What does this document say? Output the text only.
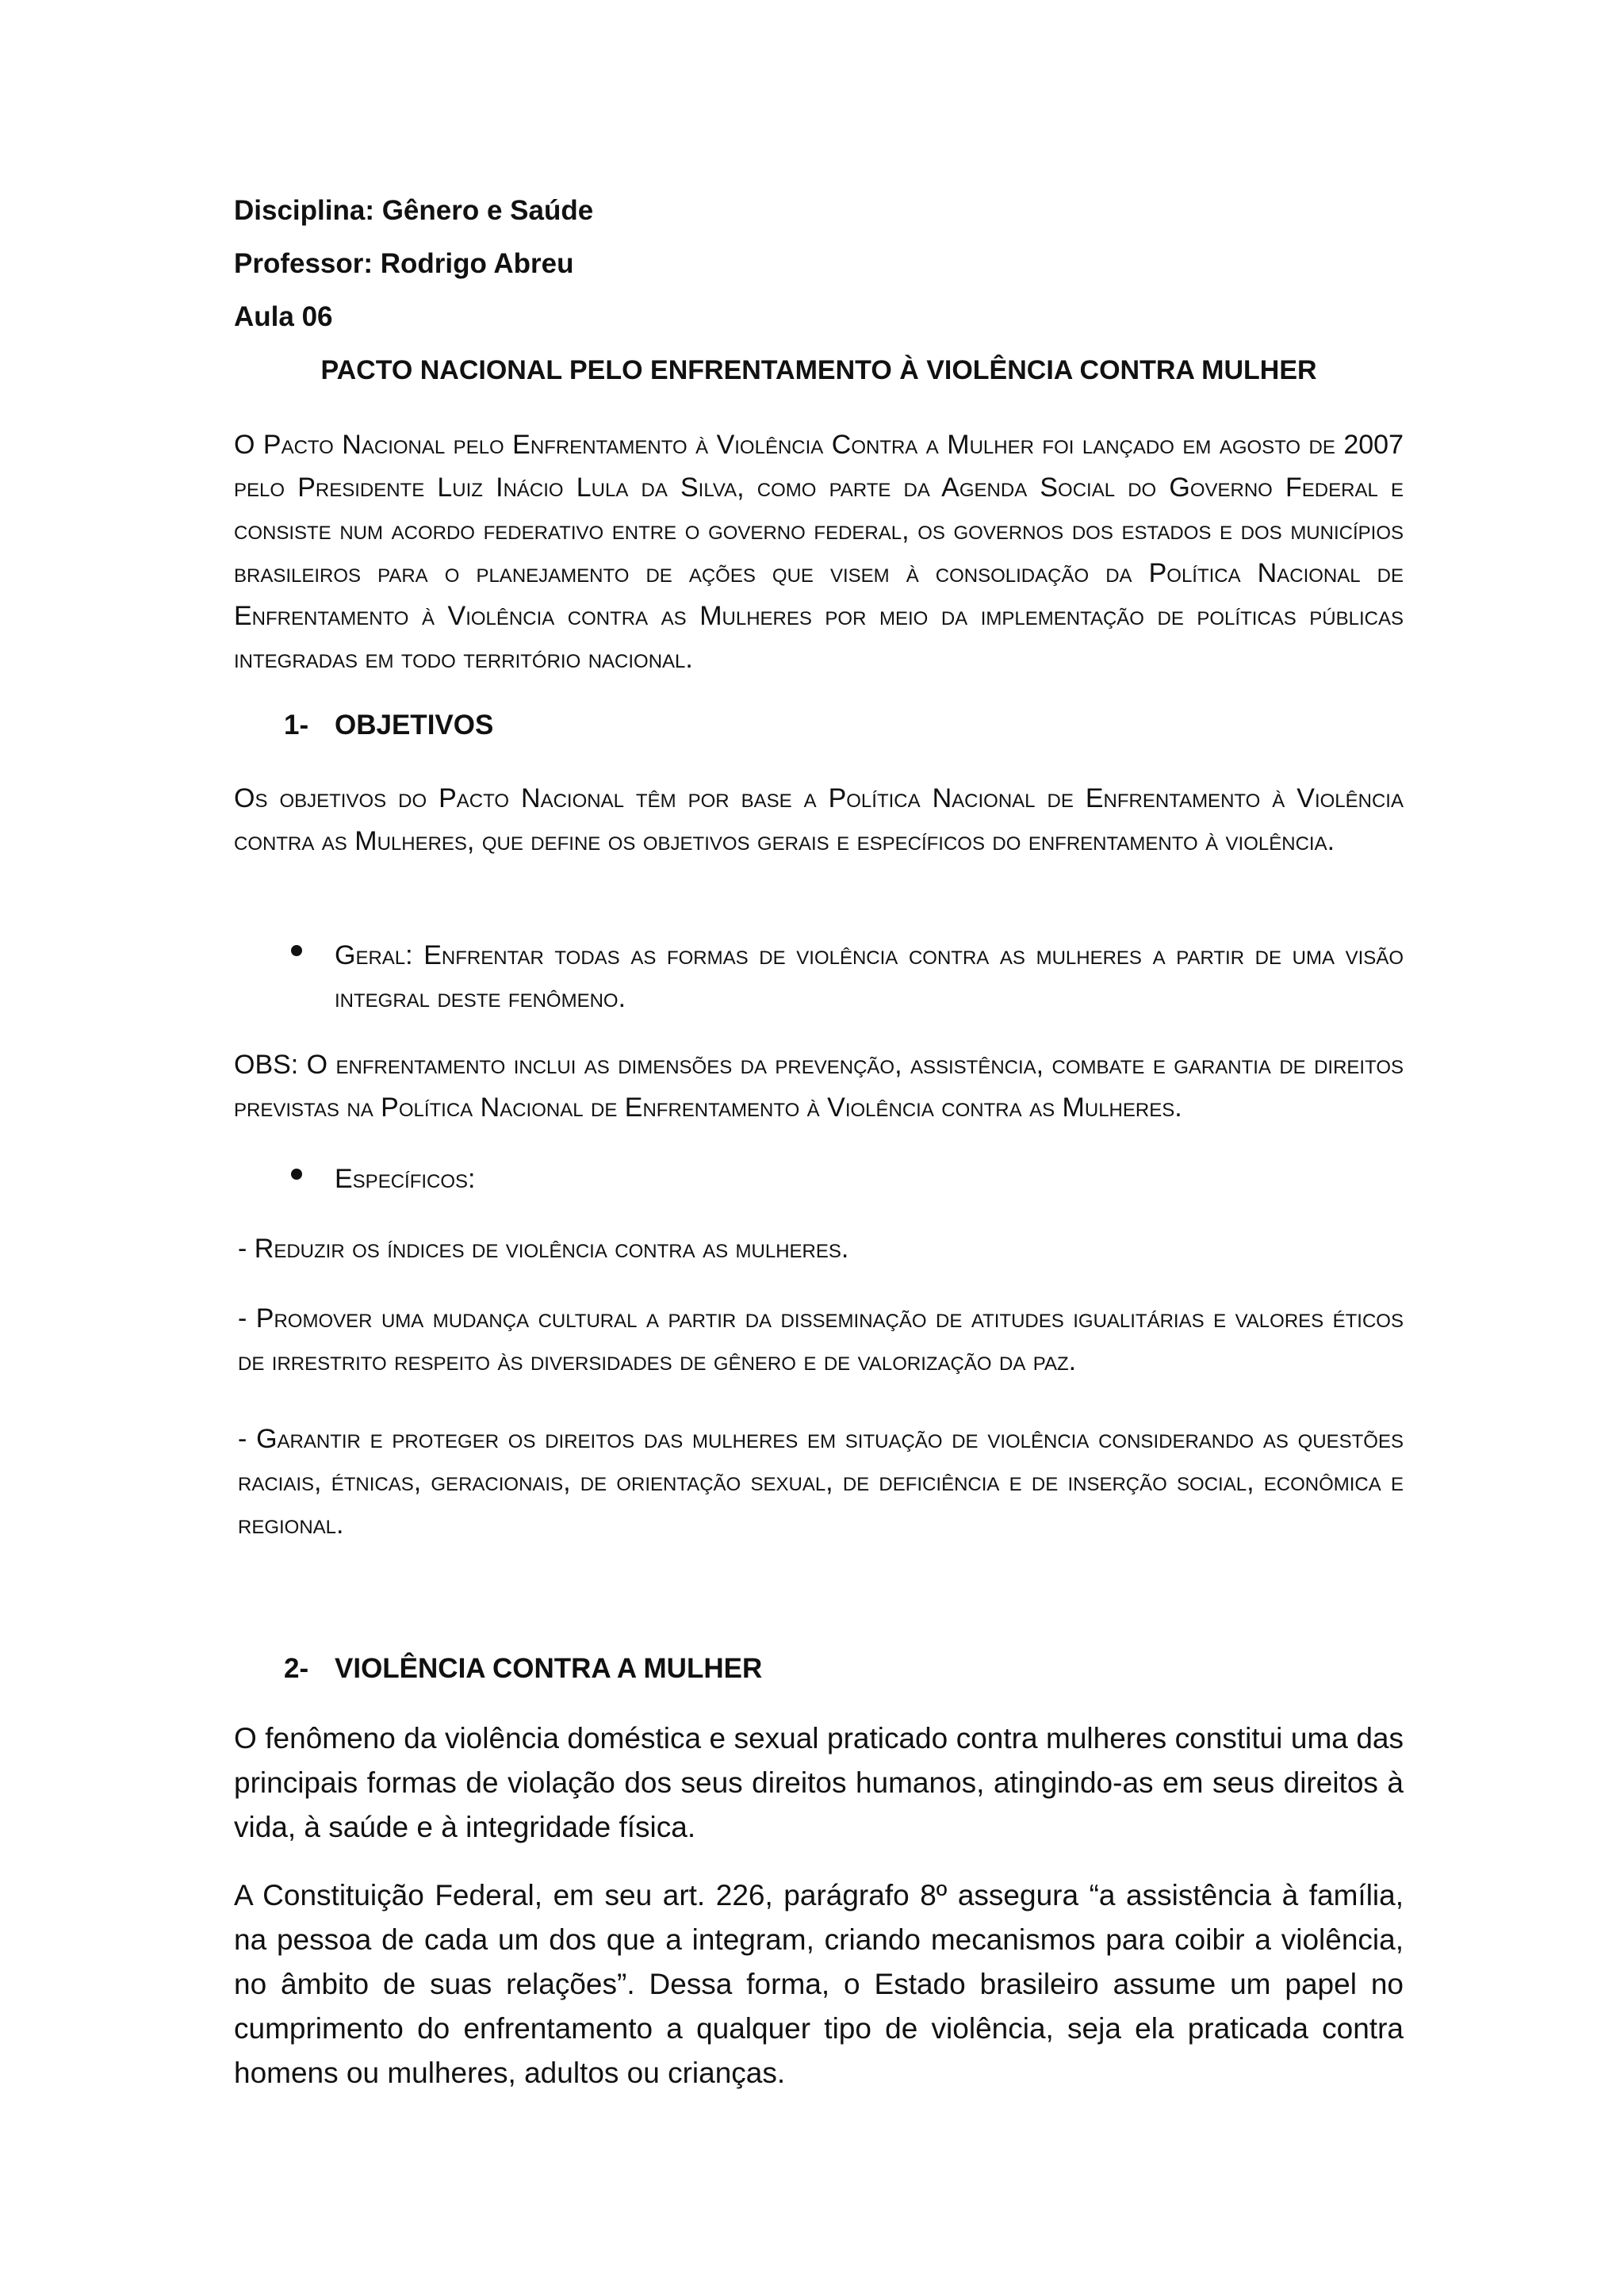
Disciplina: Gênero e Saúde
Professor: Rodrigo Abreu
Aula 06
PACTO NACIONAL PELO ENFRENTAMENTO À VIOLÊNCIA CONTRA MULHER

O Pacto Nacional pelo Enfrentamento à Violência Contra a Mulher foi lançado em agosto de 2007 pelo Presidente Luiz Inácio Lula da Silva, como parte da Agenda Social do Governo Federal e consiste num acordo federativo entre o governo federal, os governos dos estados e dos municípios brasileiros para o planejamento de ações que visem à consolidação da Política Nacional de Enfrentamento à Violência contra as Mulheres por meio da implementação de políticas públicas integradas em todo território nacional.

1- OBJETIVOS

Os objetivos do Pacto Nacional têm por base a Política Nacional de Enfrentamento à Violência contra as Mulheres, que define os objetivos gerais e específicos do enfrentamento à violência.

Geral: Enfrentar todas as formas de violência contra as mulheres a partir de uma visão integral deste fenômeno.

OBS: O enfrentamento inclui as dimensões da prevenção, assistência, combate e garantia de direitos previstas na Política Nacional de Enfrentamento à Violência contra as Mulheres.

Específicos:

- Reduzir os índices de violência contra as mulheres.

- Promover uma mudança cultural a partir da disseminação de atitudes igualitárias e valores éticos de irrestrito respeito às diversidades de gênero e de valorização da paz.

- Garantir e proteger os direitos das mulheres em situação de violência considerando as questões raciais, étnicas, geracionais, de orientação sexual, de deficiência e de inserção social, econômica e regional.

2- VIOLÊNCIA CONTRA A MULHER

O fenômeno da violência doméstica e sexual praticado contra mulheres constitui uma das principais formas de violação dos seus direitos humanos, atingindo-as em seus direitos à vida, à saúde e à integridade física.

A Constituição Federal, em seu art. 226, parágrafo 8º assegura “a assistência à família, na pessoa de cada um dos que a integram, criando mecanismos para coibir a violência, no âmbito de suas relações”. Dessa forma, o Estado brasileiro assume um papel no cumprimento do enfrentamento a qualquer tipo de violência, seja ela praticada contra homens ou mulheres, adultos ou crianças.
